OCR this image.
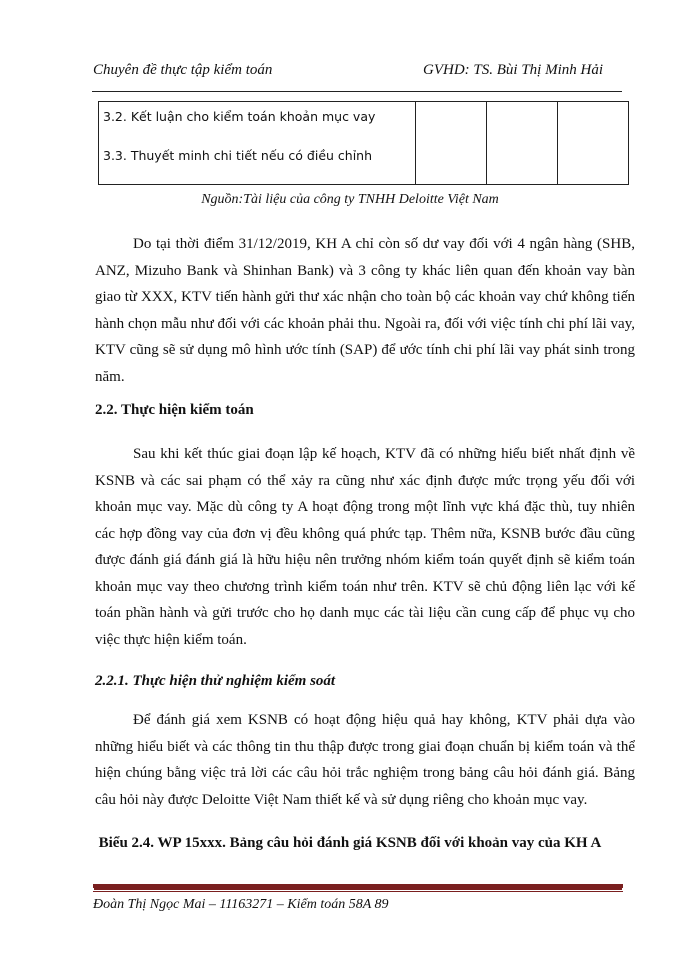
Chuyên đề thực tập kiểm toán	GVHD: TS. Bùi Thị Minh Hải
3.2. Kết luận cho kiểm toán khoản mục vay
3.3. Thuyết minh chi tiết nếu có điều chỉnh

Nguồn:Tài liệu của công ty TNHH Deloitte Việt Nam
Do tại thời điểm 31/12/2019, KH A chỉ còn số dư vay đối với 4 ngân hàng (SHB, ANZ, Mizuho Bank và Shinhan Bank) và 3 công ty khác liên quan đến khoản vay bàn giao từ XXX, KTV tiến hành gửi thư xác nhận cho toàn bộ các khoản vay chứ không tiến hành chọn mẫu như đối với các khoản phải thu. Ngoài ra, đối với việc tính chi phí lãi vay, KTV cũng sẽ sử dụng mô hình ước tính (SAP) để ước tính chi phí lãi vay phát sinh trong năm.
2.2. Thực hiện kiểm toán
Sau khi kết thúc giai đoạn lập kế hoạch, KTV đã có những hiểu biết nhất định về KSNB và các sai phạm có thể xảy ra cũng như xác định được mức trọng yếu đối với khoản mục vay. Mặc dù công ty A hoạt động trong một lĩnh vực khá đặc thù, tuy nhiên các hợp đồng vay của đơn vị đều không quá phức tạp. Thêm nữa, KSNB bước đầu cũng được đánh giá đánh giá là hữu hiệu nên trưởng nhóm kiểm toán quyết định sẽ kiểm toán khoản mục vay theo chương trình kiểm toán như trên. KTV sẽ chủ động liên lạc với kế toán phần hành và gửi trước cho họ danh mục các tài liệu cần cung cấp để phục vụ cho việc thực hiện kiểm toán.
2.2.1. Thực hiện thử nghiệm kiểm soát
Để đánh giá xem KSNB có hoạt động hiệu quả hay không, KTV phải dựa vào những hiểu biết và các thông tin thu thập được trong giai đoạn chuẩn bị kiểm toán và thể hiện chúng bằng việc trả lời các câu hỏi trắc nghiệm trong bảng câu hỏi đánh giá. Bảng câu hỏi này được Deloitte Việt Nam thiết kế và sử dụng riêng cho khoản mục vay.
Biểu 2.4. WP 15xxx. Bảng câu hỏi đánh giá KSNB đối với khoản vay của KH A
Đoàn Thị Ngọc Mai – 11163271 – Kiểm toán 58A 89
